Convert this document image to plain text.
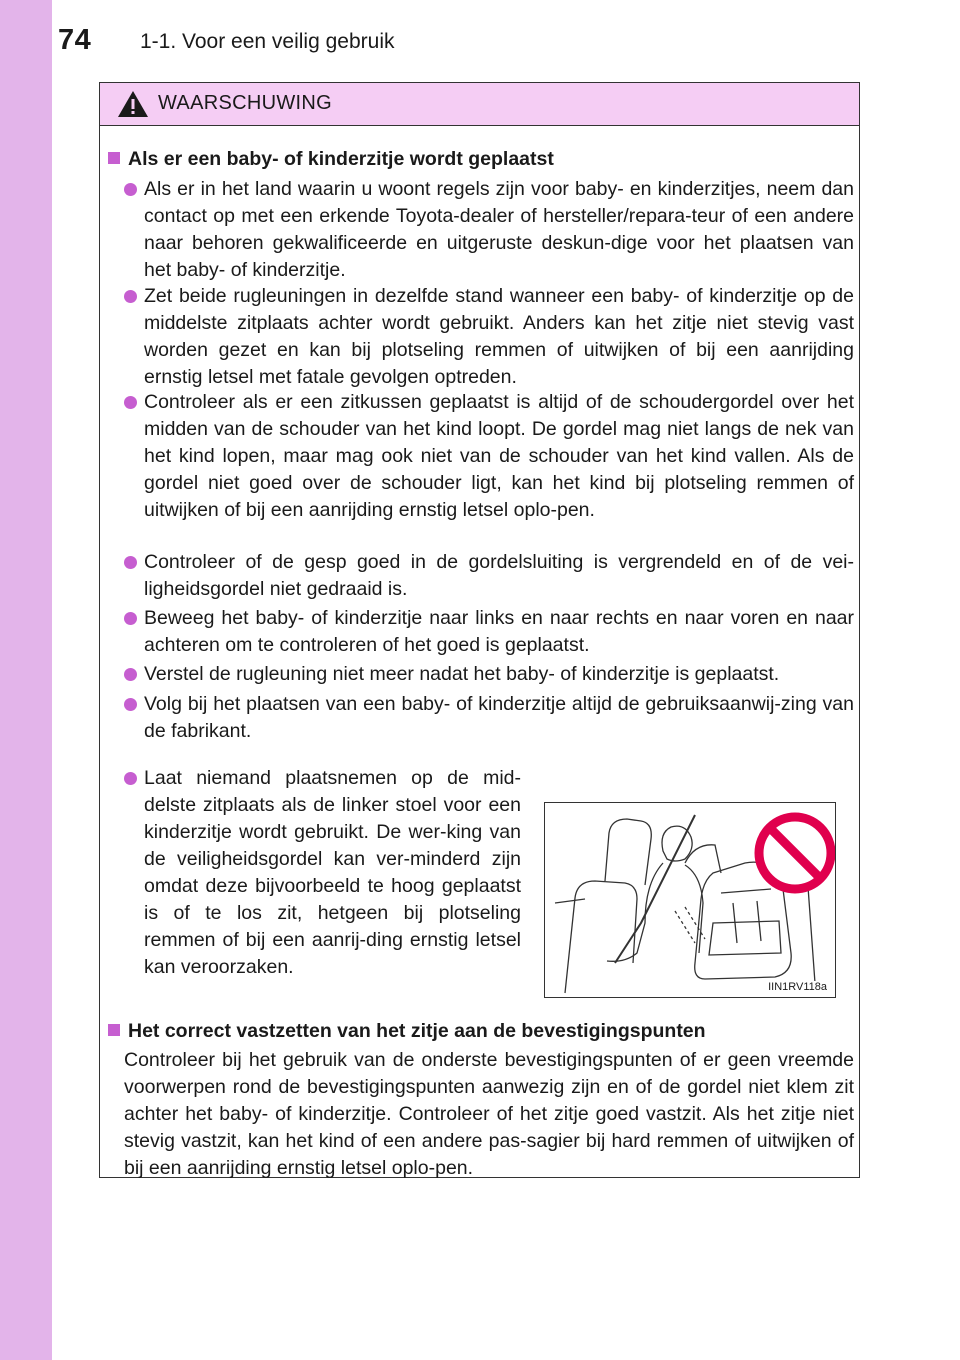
74 1-1. Voor een veilig gebruik
WAARSCHUWING
Als er een baby- of kinderzitje wordt geplaatst
Als er in het land waarin u woont regels zijn voor baby- en kinderzitjes, neem dan contact op met een erkende Toyota-dealer of hersteller/repara-teur of een andere naar behoren gekwalificeerde en uitgeruste deskun-dige voor het plaatsen van het baby- of kinderzitje.
Zet beide rugleuningen in dezelfde stand wanneer een baby- of kinderzitje op de middelste zitplaats achter wordt gebruikt. Anders kan het zitje niet stevig vast worden gezet en kan bij plotseling remmen of uitwijken of bij een aanrijding ernstig letsel met fatale gevolgen optreden.
Controleer als er een zitkussen geplaatst is altijd of de schoudergordel over het midden van de schouder van het kind loopt. De gordel mag niet langs de nek van het kind lopen, maar mag ook niet van de schouder van het kind vallen. Als de gordel niet goed over de schouder ligt, kan het kind bij plotseling remmen of uitwijken of bij een aanrijding ernstig letsel oplo-pen.
Controleer of de gesp goed in de gordelsluiting is vergrendeld en of de vei-ligheidsgordel niet gedraaid is.
Beweeg het baby- of kinderzitje naar links en naar rechts en naar voren en naar achteren om te controleren of het goed is geplaatst.
Verstel de rugleuning niet meer nadat het baby- of kinderzitje is geplaatst.
Volg bij het plaatsen van een baby- of kinderzitje altijd de gebruiksaanwij-zing van de fabrikant.
Laat niemand plaatsnemen op de mid-delste zitplaats als de linker stoel voor een kinderzitje wordt gebruikt. De wer-king van de veiligheidsgordel kan ver-minderd zijn omdat deze bijvoorbeeld te hoog geplaatst is of te los zit, hetgeen bij plotseling remmen of bij een aanrij-ding ernstig letsel kan veroorzaken.
IIN1RV118a
Het correct vastzetten van het zitje aan de bevestigingspunten
Controleer bij het gebruik van de onderste bevestigingspunten of er geen vreemde voorwerpen rond de bevestigingspunten aanwezig zijn en of de gordel niet klem zit achter het baby- of kinderzitje. Controleer of het zitje goed vastzit. Als het zitje niet stevig vastzit, kan het kind of een andere pas-sagier bij hard remmen of uitwijken of bij een aanrijding ernstig letsel oplo-pen.
